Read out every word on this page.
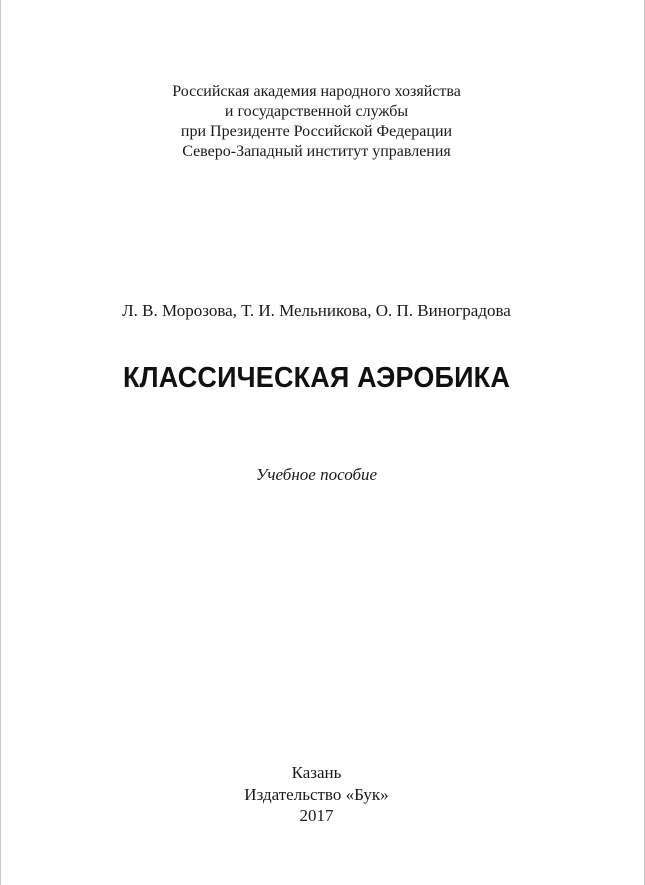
Российская академия народного хозяйства
и государственной службы
при Президенте Российской Федерации
Северо-Западный институт управления

Л. В. Морозова, Т. И. Мельникова, О. П. Виноградова

КЛАССИЧЕСКАЯ АЭРОБИКА

Учебное пособие

Казань
Издательство «Бук»
2017
